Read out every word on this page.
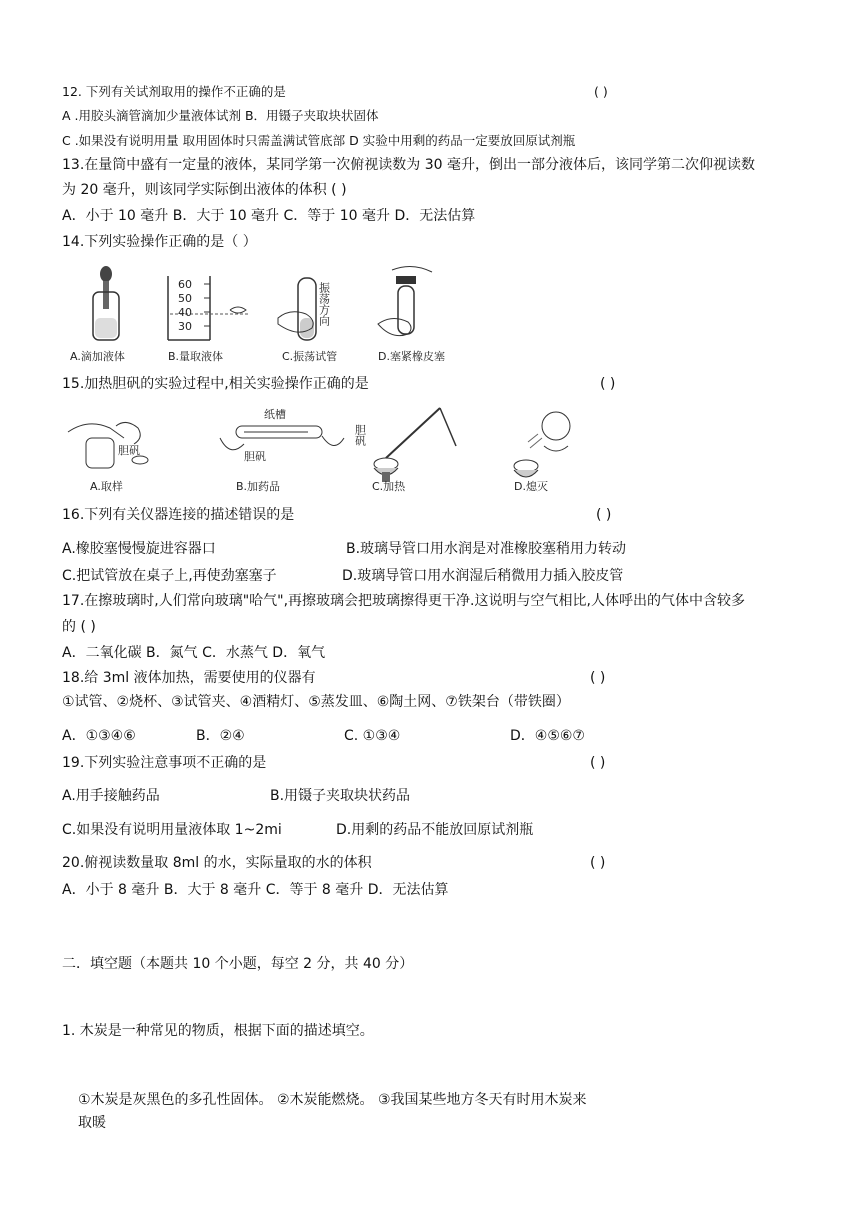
12. 下列有关试剂取用的操作不正确的是	( )
A .用胶头滴管滴加少量液体试剂 B．用镊子夹取块状固体
C .如果没有说明用量 取用固体时只需盖满试管底部 D 实验中用剩的药品一定要放回原试剂瓶
13.在量筒中盛有一定量的液体，某同学第一次俯视读数为 30 毫升，倒出一部分液体后，该同学第二次仰视读数
为 20 毫升，则该同学实际倒出液体的体积 ( )
A．小于 10 毫升 B．大于 10 毫升 C．等于 10 毫升 D．无法估算
14.下列实验操作正确的是（ ）
A.滴加液体
60
50
40
30
B.量取液体
振荡方向
C.振荡试管	D.塞紧橡皮塞
15.加热胆矾的实验过程中,相关实验操作正确的是	( )
胆矾
A.取样
纸槽
胆矾
B.加药品
胆矾
C.加热	D.熄灭
16.下列有关仪器连接的描述错误的是	( )
A.橡胶塞慢慢旋进容器口	B.玻璃导管口用水润是对准橡胶塞稍用力转动
C.把试管放在桌子上,再使劲塞塞子	D.玻璃导管口用水润湿后稍微用力插入胶皮管
17.在擦玻璃时,人们常向玻璃"哈气",再擦玻璃会把玻璃擦得更干净.这说明与空气相比,人体呼出的气体中含较多
的 ( )
A．二氧化碳 B．氮气 C．水蒸气 D．氧气
18.给 3ml 液体加热，需要使用的仪器有	( )
①试管、②烧杯、③试管夹、④酒精灯、⑤蒸发皿、⑥陶土网、⑦铁架台（带铁圈）
A．①③④⑥	B．②④	C. ①③④	D．④⑤⑥⑦
19.下列实验注意事项不正确的是	( )
A.用手接触药品	B.用镊子夹取块状药品
C.如果没有说明用量液体取 1~2mi	D.用剩的药品不能放回原试剂瓶
20.俯视读数量取 8ml 的水，实际量取的水的体积	( )
A．小于 8 毫升 B．大于 8 毫升 C．等于 8 毫升 D．无法估算
二．填空题（本题共 10 个小题，每空 2 分，共 40 分）
1. 木炭是一种常见的物质，根据下面的描述填空。
①木炭是灰黑色的多孔性固体。 ②木炭能燃烧。 ③我国某些地方冬天有时用木炭来
取暖
